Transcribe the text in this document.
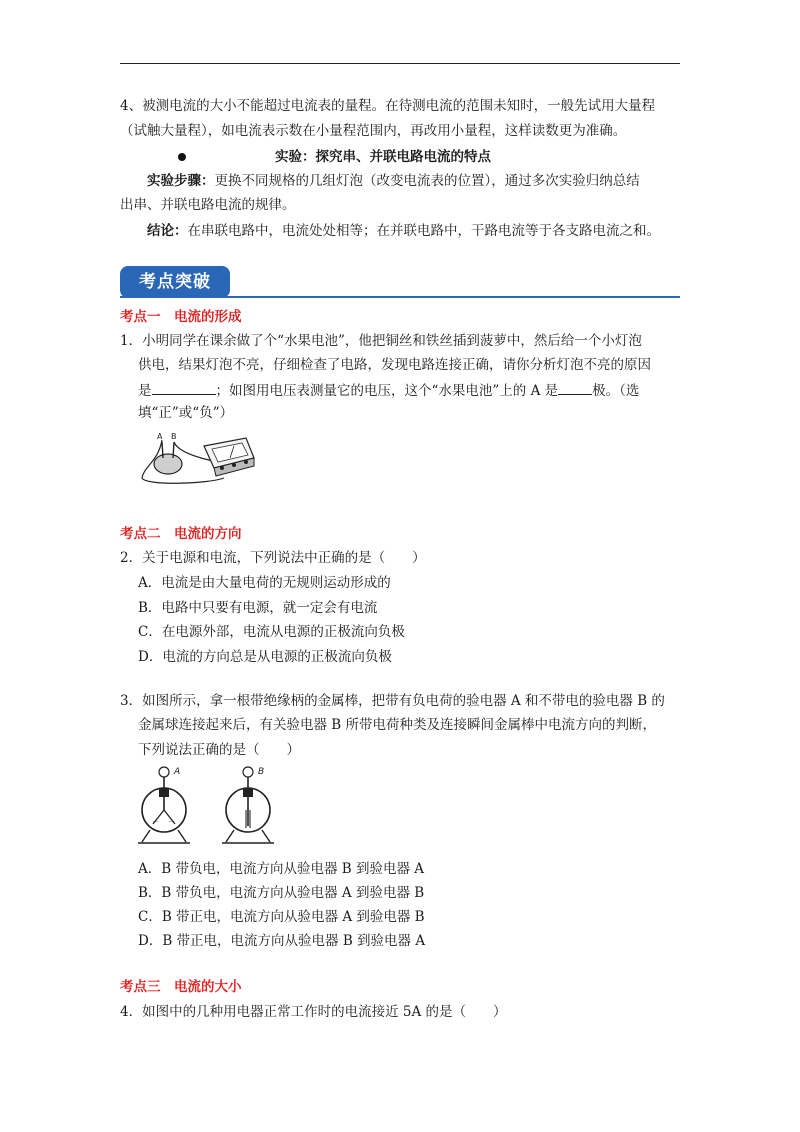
4、被测电流的大小不能超过电流表的量程。在待测电流的范围未知时，一般先试用大量程
（试触大量程），如电流表示数在小量程范围内，再改用小量程，这样读数更为准确。
实验：探究串、并联电路电流的特点
实验步骤：更换不同规格的几组灯泡（改变电流表的位置），通过多次实验归纳总结
出串、并联电路电流的规律。
结论：在串联电路中，电流处处相等；在并联电路中，干路电流等于各支路电流之和。
考点突破
考点一　电流的形成
1．小明同学在课余做了个“水果电池”，他把铜丝和铁丝插到菠萝中，然后给一个小灯泡
供电，结果灯泡不亮，仔细检查了电路，发现电路连接正确，请你分析灯泡不亮的原因
是	；如图用电压表测量它的电压，这个“水果电池”上的 A 是	极。（选
填“正”或“负”）
A B
考点二　电流的方向
2．关于电源和电流，下列说法中正确的是（　　）
A．电流是由大量电荷的无规则运动形成的
B．电路中只要有电源，就一定会有电流
C．在电源外部，电流从电源的正极流向负极
D．电流的方向总是从电源的正极流向负极
3．如图所示，拿一根带绝缘柄的金属棒，把带有负电荷的验电器 A 和不带电的验电器 B 的
金属球连接起来后，有关验电器 B 所带电荷种类及连接瞬间金属棒中电流方向的判断，
下列说法正确的是（　　）
－ －
A	B
A．B 带负电，电流方向从验电器 B 到验电器 A
B．B 带负电，电流方向从验电器 A 到验电器 B
C．B 带正电，电流方向从验电器 A 到验电器 B
D．B 带正电，电流方向从验电器 B 到验电器 A
考点三　电流的大小
4．如图中的几种用电器正常工作时的电流接近 5A 的是（　　）
